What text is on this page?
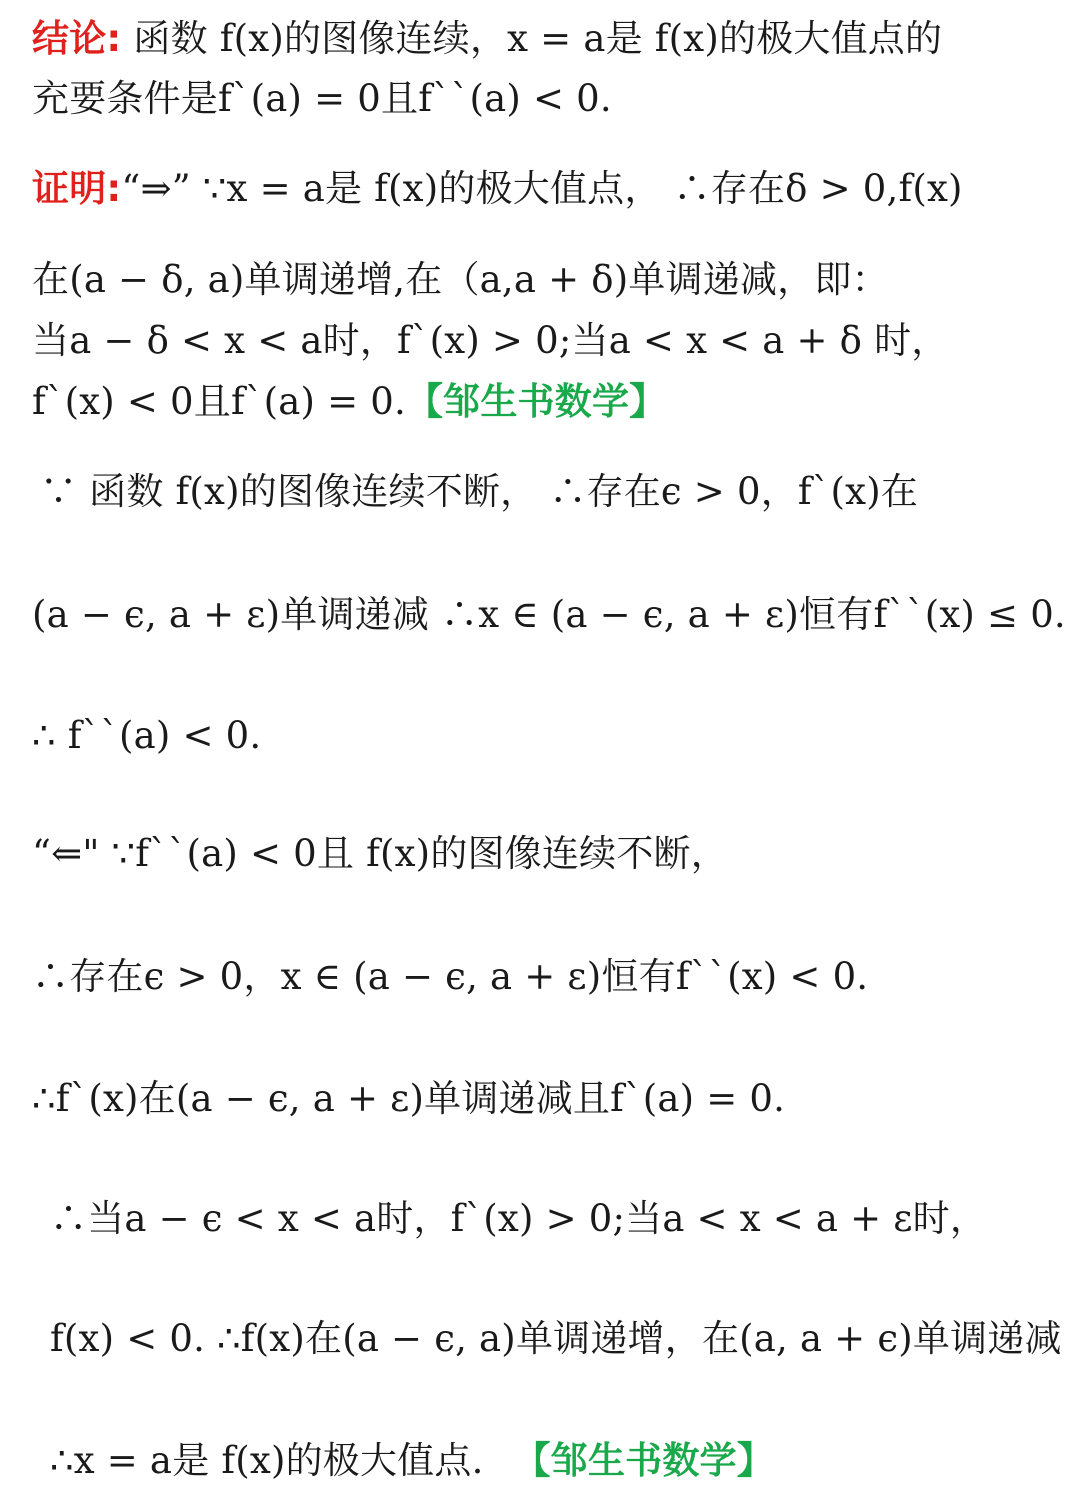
结论: 函数 f(x)的图像连续，x = a是 f(x)的极大值点的
充要条件是f`(a) = 0且f``(a) < 0.
证明:“⇒” ∵x = a是 f(x)的极大值点， ∴存在δ > 0,f(x)
在(a − δ, a)单调递增,在（a,a + δ)单调递减，即：
当a − δ < x < a时，f`(x) > 0;当a < x < a + δ 时，
f`(x) < 0且f`(a) = 0.【邹生书数学】
∵ 函数 f(x)的图像连续不断， ∴存在ϵ > 0，f`(x)在
(a − ϵ, a + ε)单调递减 ∴x ∈ (a − ϵ, a + ε)恒有f``(x) ≤ 0.
∴ f``(a) < 0.
“⇐" ∵f``(a) < 0且 f(x)的图像连续不断，
∴存在ϵ > 0，x ∈ (a − ϵ, a + ε)恒有f``(x) < 0.
∴f`(x)在(a − ϵ, a + ε)单调递减且f`(a) = 0.
∴当a − ϵ < x < a时，f`(x) > 0;当a < x < a + ε时，
f(x) < 0. ∴f(x)在(a − ϵ, a)单调递增，在(a, a + ϵ)单调递减
∴x = a是 f(x)的极大值点. 【邹生书数学】
